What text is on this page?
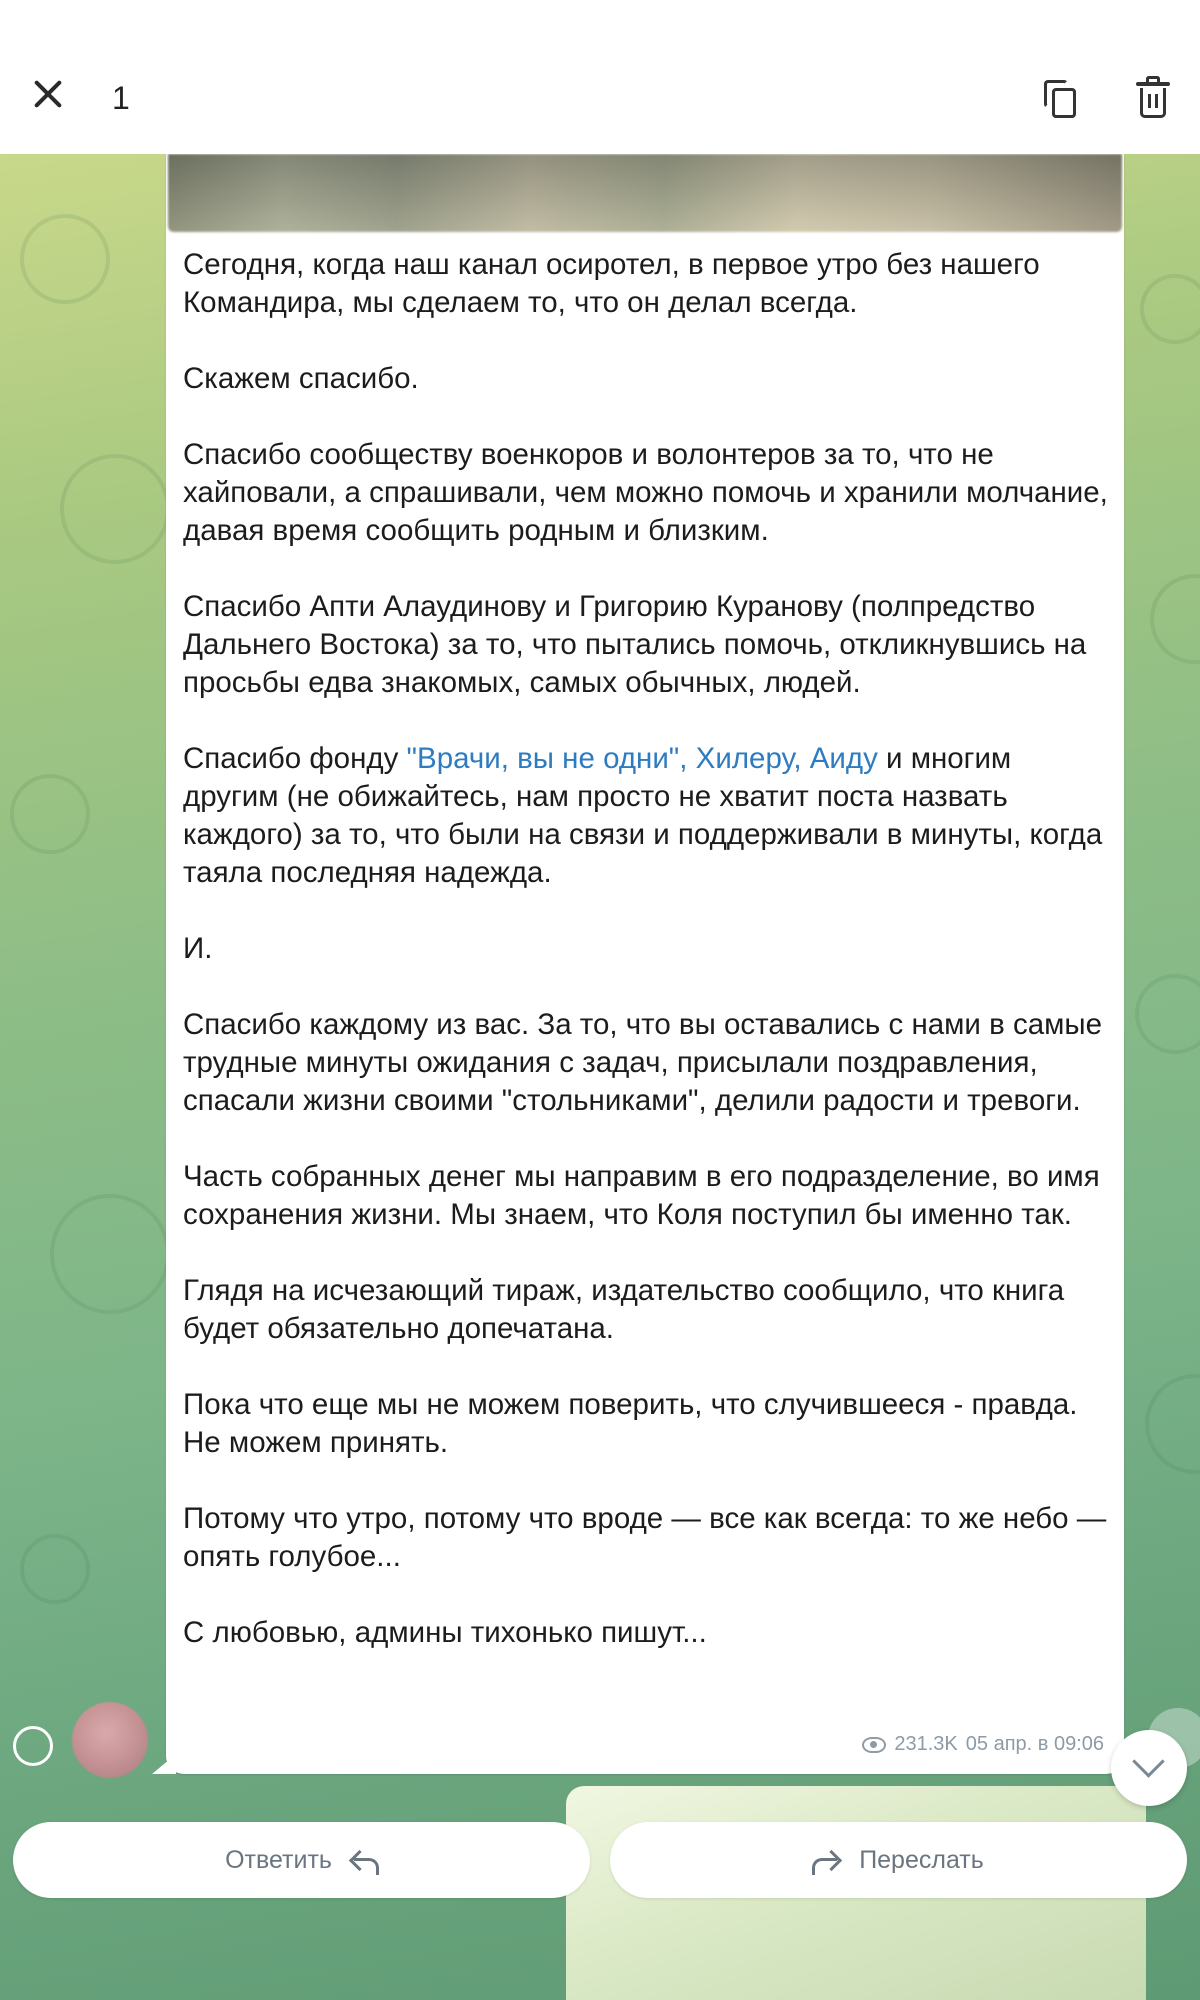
1
Сегодня, когда наш канал осиротел, в первое утро без нашего Командира, мы сделаем то, что он делал всегда.

Скажем спасибо.

Спасибо сообществу военкоров и волонтеров за то, что не хайповали, а спрашивали, чем можно помочь и хранили молчание, давая время сообщить родным и близким.

Спасибо Апти Алаудинову и Григорию Куранову (полпредство Дальнего Востока) за то, что пытались помочь, откликнувшись на просьбы едва знакомых, самых обычных, людей.

Спасибо фонду "Врачи, вы не одни", Хилеру, Аиду и многим другим (не обижайтесь, нам просто не хватит поста назвать каждого) за то, что были на связи и поддерживали в минуты, когда таяла последняя надежда.

И.

Спасибо каждому из вас. За то, что вы оставались с нами в самые трудные минуты ожидания с задач, присылали поздравления, спасали жизни своими "стольниками", делили радости и тревоги.

Часть собранных денег мы направим в его подразделение, во имя сохранения жизни. Мы знаем, что Коля поступил бы именно так.

Глядя на исчезающий тираж, издательство сообщило, что книга будет обязательно допечатана.

Пока что еще мы не можем поверить, что случившееся - правда. Не можем принять.

Потому что утро, потому что вроде — все как всегда: то же небо — опять голубое...

С любовью, админы тихонько пишут...
231.3K 05 апр. в 09:06
Ответить	Переслать
